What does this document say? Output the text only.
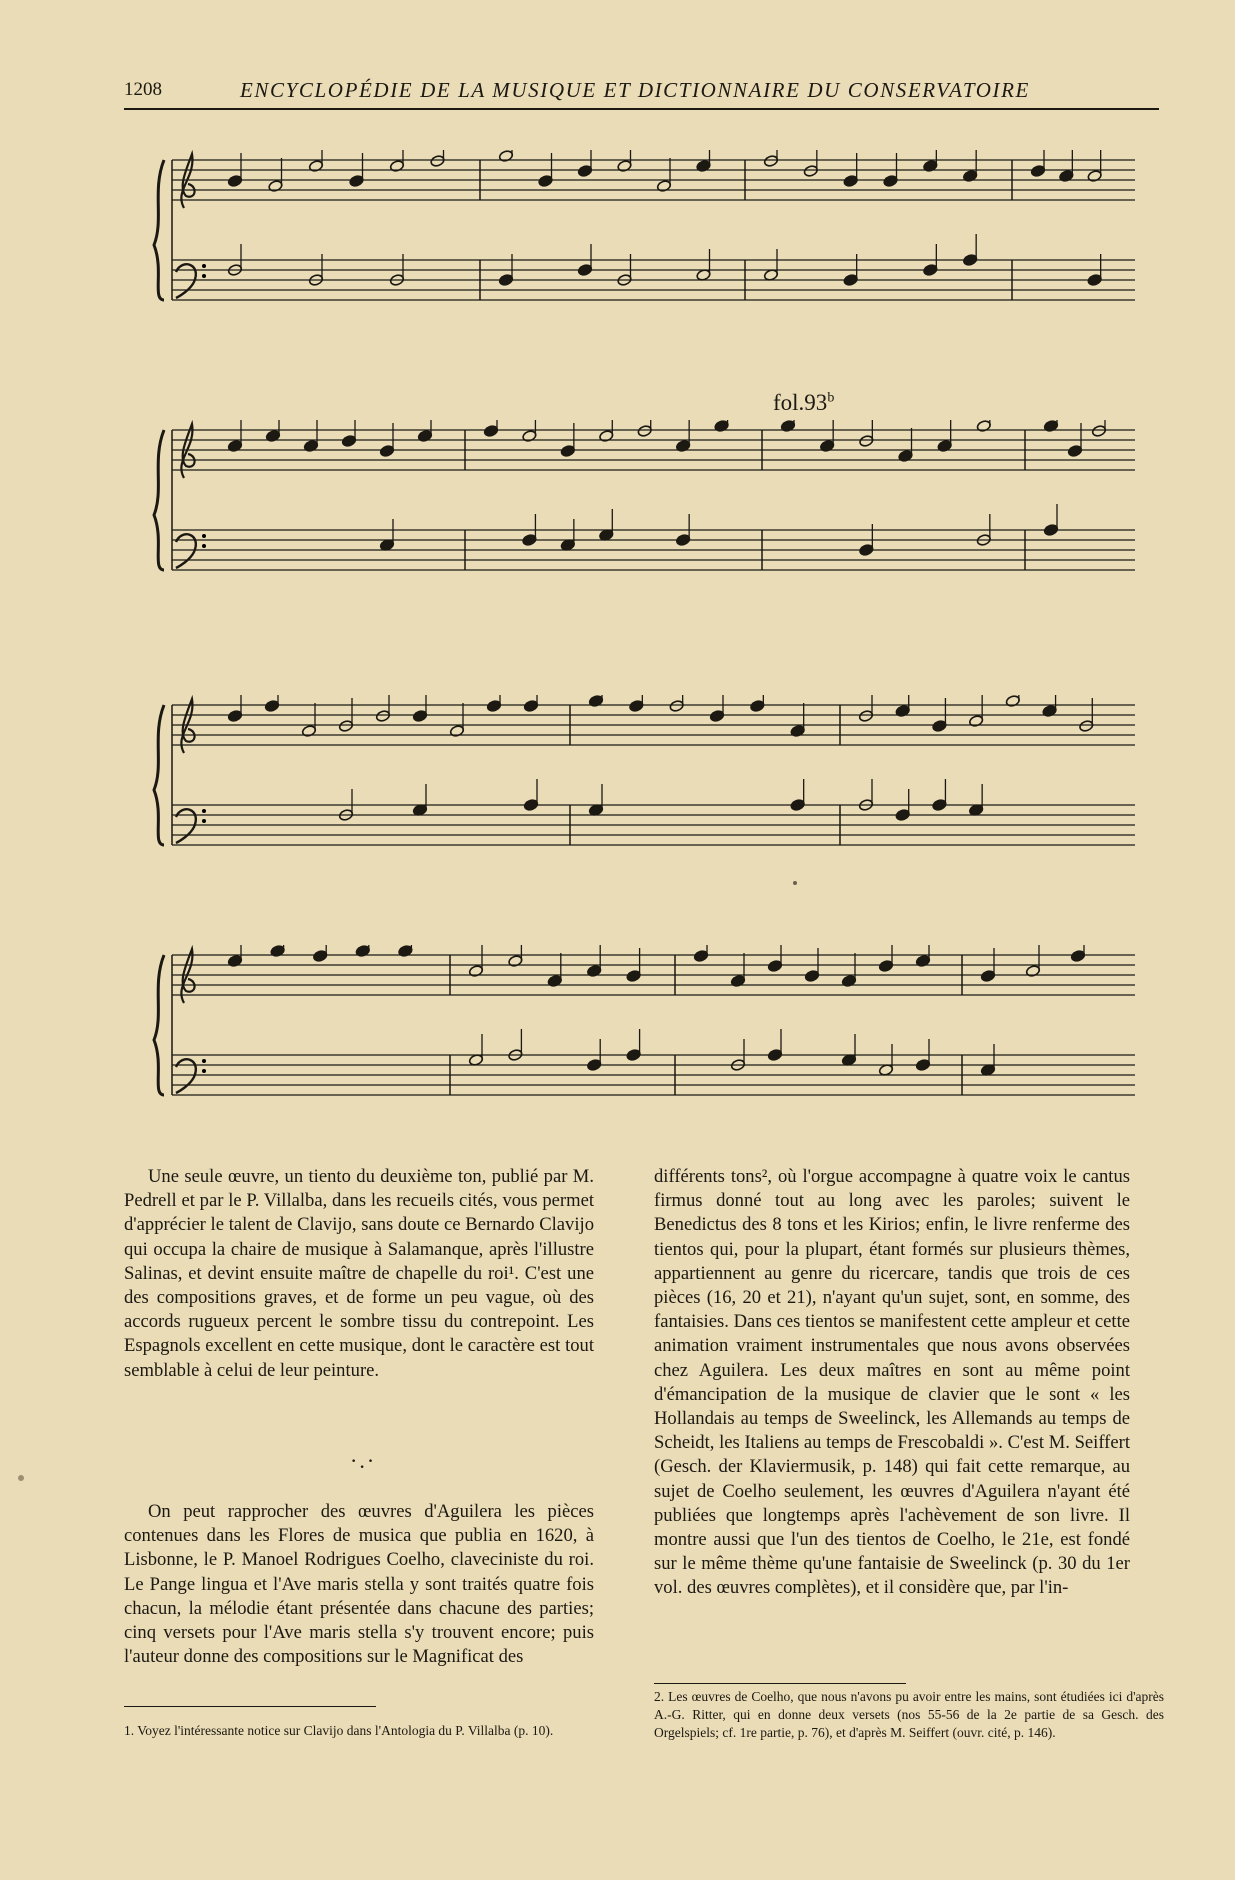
1208	ENCYCLOPÉDIE DE LA MUSIQUE ET DICTIONNAIRE DU CONSERVATOIRE
fol.93$^b$

Une seule œuvre, un tiento du deuxième ton, publié par M. Pedrell et par le P. Villalba, dans les recueils cités, vous permet d'apprécier le talent de Clavijo, sans doute ce Bernardo Clavijo qui occupa la chaire de musique à Salamanque, après l'illustre Salinas, et devint ensuite maître de chapelle du roi¹. C'est une des compositions graves, et de forme un peu vague, où des accords rugueux percent le sombre tissu du contrepoint. Les Espagnols excellent en cette musique, dont le caractère est tout semblable à celui de leur peinture.

·.·

On peut rapprocher des œuvres d'Aguilera les pièces contenues dans les Flores de musica que publia en 1620, à Lisbonne, le P. Manoel Rodrigues Coelho, claveciniste du roi. Le Pange lingua et l'Ave maris stella y sont traités quatre fois chacun, la mélodie étant présentée dans chacune des parties; cinq versets pour l'Ave maris stella s'y trouvent encore; puis l'auteur donne des compositions sur le Magnificat des

différents tons², où l'orgue accompagne à quatre voix le cantus firmus donné tout au long avec les paroles; suivent le Benedictus des 8 tons et les Kirios; enfin, le livre renferme des tientos qui, pour la plupart, étant formés sur plusieurs thèmes, appartiennent au genre du ricercare, tandis que trois de ces pièces (16, 20 et 21), n'ayant qu'un sujet, sont, en somme, des fantaisies. Dans ces tientos se manifestent cette ampleur et cette animation vraiment instrumentales que nous avons observées chez Aguilera. Les deux maîtres en sont au même point d'émancipation de la musique de clavier que le sont « les Hollandais au temps de Sweelinck, les Allemands au temps de Scheidt, les Italiens au temps de Frescobaldi ». C'est M. Seiffert (Gesch. der Klaviermusik, p. 148) qui fait cette remarque, au sujet de Coelho seulement, les œuvres d'Aguilera n'ayant été publiées que longtemps après l'achèvement de son livre. Il montre aussi que l'un des tientos de Coelho, le 21e, est fondé sur le même thème qu'une fantaisie de Sweelinck (p. 30 du 1er vol. des œuvres complètes), et il considère que, par l'in-

1. Voyez l'intéressante notice sur Clavijo dans l'Antologia du P. Villalba (p. 10).
2. Les œuvres de Coelho, que nous n'avons pu avoir entre les mains, sont étudiées ici d'après A.-G. Ritter, qui en donne deux versets (nos 55-56 de la 2e partie de sa Gesch. des Orgelspiels; cf. 1re partie, p. 76), et d'après M. Seiffert (ouvr. cité, p. 146).
